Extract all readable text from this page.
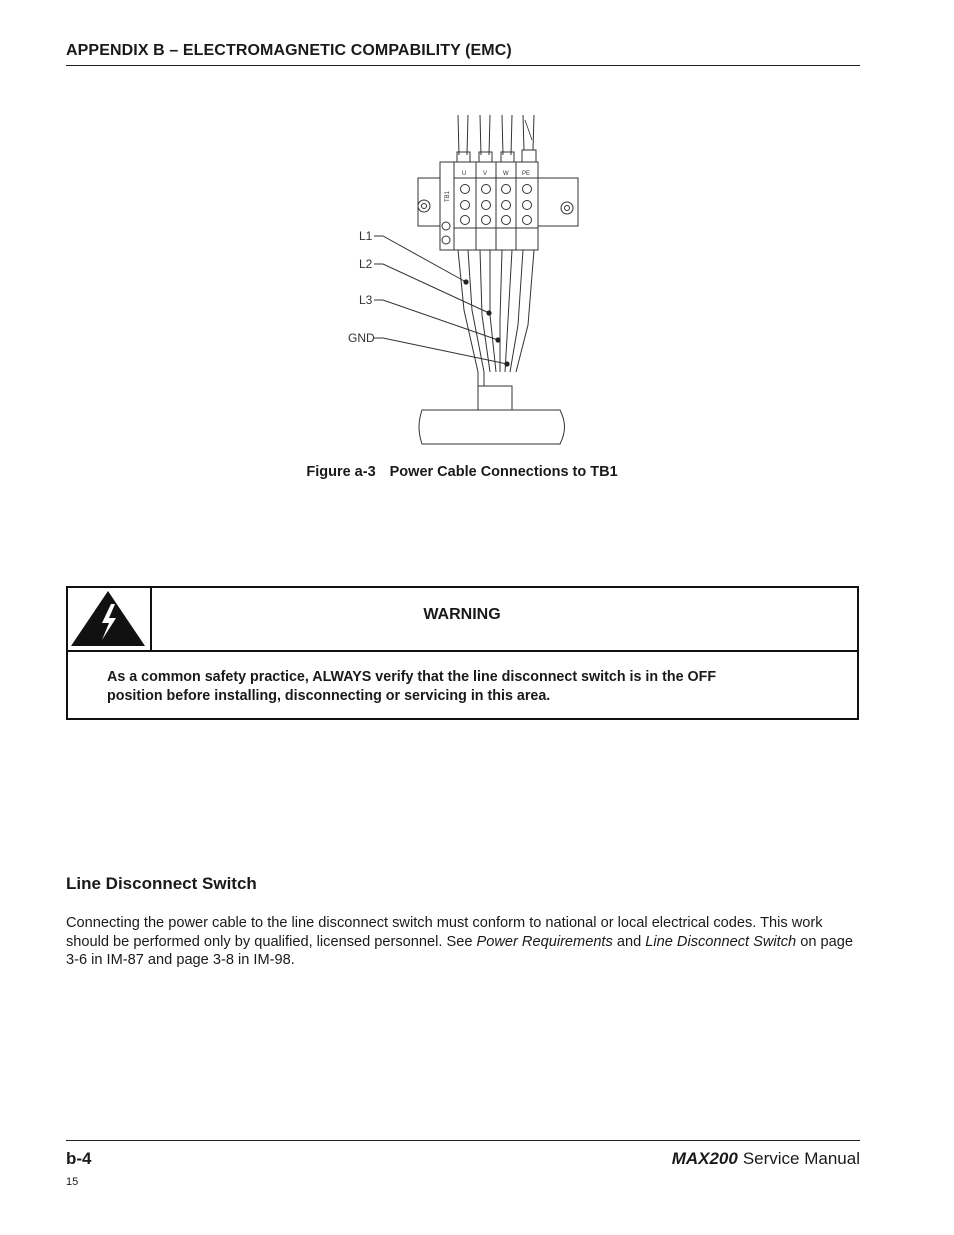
APPENDIX B – ELECTROMAGNETIC COMPABILITY (EMC)
L1
L2
L3
GND
TB1
U	V	W PE
Figure a-3 Power Cable Connections to TB1
WARNING
As a common safety practice, ALWAYS verify that the line disconnect switch is in the OFF
position before installing, disconnecting or servicing in this area.
Line Disconnect Switch
Connecting the power cable to the line disconnect switch must conform to national or local electrical codes. This work should be performed only by qualified, licensed personnel. See Power Requirements and Line Disconnect Switch on page 3-6 in IM-87 and page 3-8 in IM-98.
b-4	MAX200 Service Manual
15
